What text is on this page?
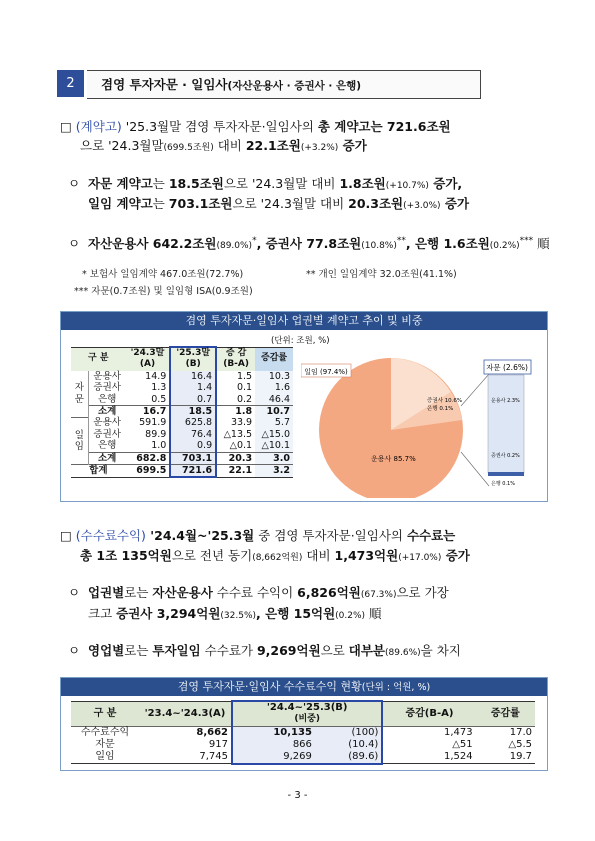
2	겸영 투자자문 · 일임사(자산운용사 · 증권사 · 은행)
□ (계약고) '25.3월말 겸영 투자자문·일임사의 총 계약고는 721.6조원
으로 '24.3월말(699.5조원) 대비 22.1조원(+3.2%) 증가
ㅇ 자문 계약고는 18.5조원으로 '24.3월말 대비 1.8조원(+10.7%) 증가,
일임 계약고는 703.1조원으로 '24.3월말 대비 20.3조원(+3.0%) 증가
ㅇ 자산운용사 642.2조원(89.0%)*, 증권사 77.8조원(10.8%)**, 은행 1.6조원(0.2%)*** 順
* 보험사 일임계약 467.0조원(72.7%)	** 개인 일임계약 32.0조원(41.1%)
*** 자문(0.7조원) 및 일임형 ISA(0.9조원)
겸영 투자자문·일임사 업권별 계약고 추이 및 비중
(단위: 조원, %)
구 분		'24.3말	'25.3말	증 감	증감률
		(A)	(B)	(B-A)	
자
문	운용사	14.9	16.4	1.5	10.3
	증권사	1.3	1.4	0.1	1.6
	은행	0.5	0.7	0.2	46.4
	소계	16.7	18.5	1.8	10.7
일
임	운용사	591.9	625.8	33.9	5.7
	증권사	89.9	76.4	△13.5	△15.0
	은행	1.0	0.9	△0.1	△10.1
	소계	682.8	703.1	20.3	3.0
합계		699.5	721.6	22.1	3.2
자문 (2.6%)
일임 (97.4%)
운용사 85.7%
증권사 10.6%
은행 0.1%
운용사 2.3%
증권사 0.2%
은행 0.1%
□ (수수료수익) '24.4월~'25.3월 중 겸영 투자자문·일임사의 수수료는
총 1조 135억원으로 전년 동기(8,662억원) 대비 1,473억원(+17.0%) 증가
ㅇ 업권별로는 자산운용사 수수료 수익이 6,826억원(67.3%)으로 가장
크고 증권사 3,294억원(32.5%), 은행 15억원(0.2%) 順
ㅇ 영업별로는 투자일임 수수료가 9,269억원으로 대부분(89.6%)을 차지
겸영 투자자문·일임사 수수료수익 현황(단위 : 억원, %)
구 분	'23.4~'24.3(A)	'24.4~'25.3(B)
(비중)		증감(B-A)	증감률
수수료수익	8,662	10,135	(100)	1,473	17.0
자문	917	866	(10.4)	△51	△5.5
일임	7,745	9,269	(89.6)	1,524	19.7
- 3 -
